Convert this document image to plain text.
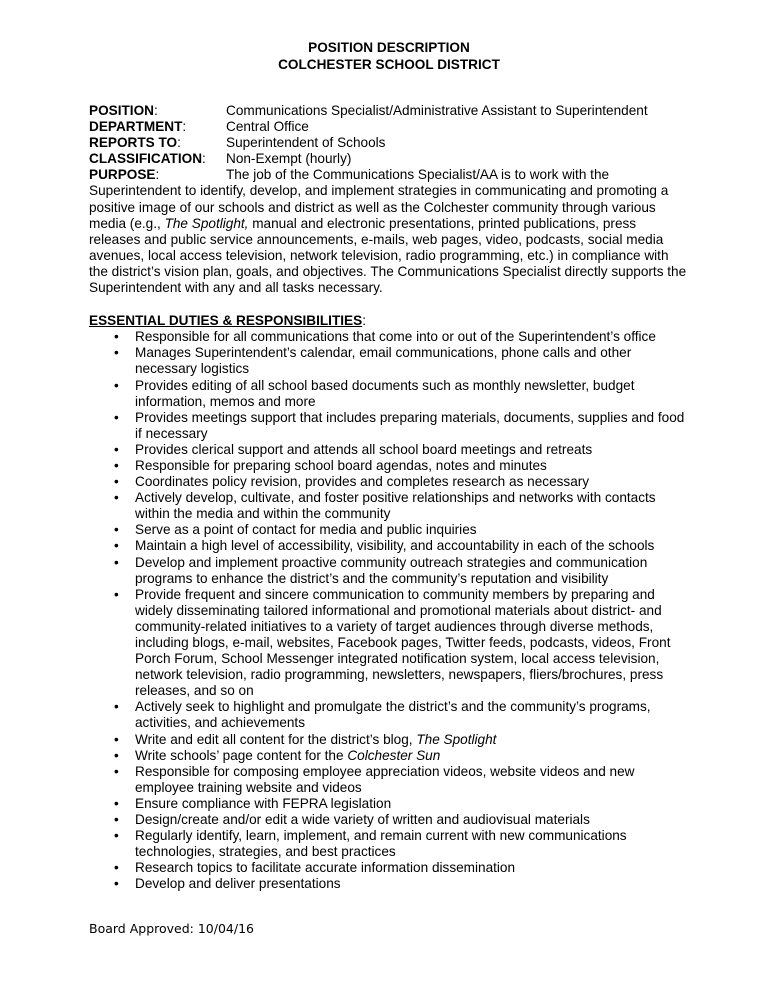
POSITION DESCRIPTION
COLCHESTER SCHOOL DISTRICT
POSITION:	Communications Specialist/Administrative Assistant to Superintendent
DEPARTMENT:	Central Office
REPORTS TO:	Superintendent of Schools
CLASSIFICATION:	Non-Exempt (hourly)

PURPOSE:	The job of the Communications Specialist/AA is to work with the Superintendent to identify, develop, and implement strategies in communicating and promoting a positive image of our schools and district as well as the Colchester community through various media (e.g., The Spotlight, manual and electronic presentations, printed publications, press releases and public service announcements, e-mails, web pages, video, podcasts, social media avenues, local access television, network television, radio programming, etc.) in compliance with the district’s vision plan, goals, and objectives. The Communications Specialist directly supports the Superintendent with any and all tasks necessary.

ESSENTIAL DUTIES & RESPONSIBILITIES:
• Responsible for all communications that come into or out of the Superintendent’s office
• Manages Superintendent’s calendar, email communications, phone calls and other necessary logistics
• Provides editing of all school based documents such as monthly newsletter, budget information, memos and more
• Provides meetings support that includes preparing materials, documents, supplies and food if necessary
• Provides clerical support and attends all school board meetings and retreats
• Responsible for preparing school board agendas, notes and minutes
• Coordinates policy revision, provides and completes research as necessary
• Actively develop, cultivate, and foster positive relationships and networks with contacts within the media and within the community
• Serve as a point of contact for media and public inquiries
• Maintain a high level of accessibility, visibility, and accountability in each of the schools
• Develop and implement proactive community outreach strategies and communication programs to enhance the district’s and the community’s reputation and visibility
• Provide frequent and sincere communication to community members by preparing and widely disseminating tailored informational and promotional materials about district- and community-related initiatives to a variety of target audiences through diverse methods, including blogs, e-mail, websites, Facebook pages, Twitter feeds, podcasts, videos, Front Porch Forum, School Messenger integrated notification system, local access television, network television, radio programming, newsletters, newspapers, fliers/brochures, press releases, and so on
• Actively seek to highlight and promulgate the district’s and the community’s programs, activities, and achievements
• Write and edit all content for the district’s blog, The Spotlight
• Write schools’ page content for the Colchester Sun
• Responsible for composing employee appreciation videos, website videos and new employee training website and videos
• Ensure compliance with FEPRA legislation
• Design/create and/or edit a wide variety of written and audiovisual materials
• Regularly identify, learn, implement, and remain current with new communications technologies, strategies, and best practices
• Research topics to facilitate accurate information dissemination
• Develop and deliver presentations
Board Approved: 10/04/16
